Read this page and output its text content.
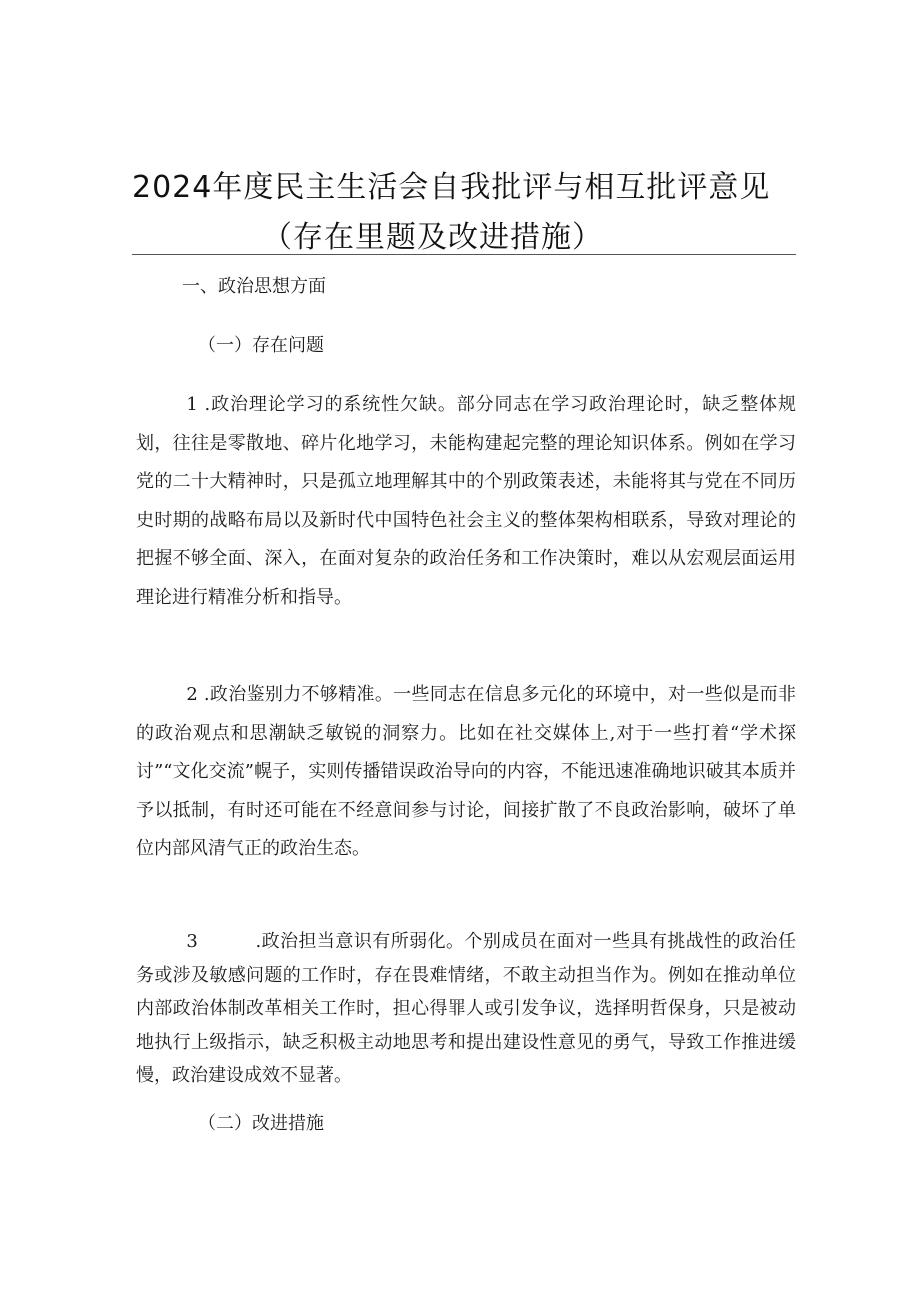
2024年度民主生活会自我批评与相互批评意见
（存在里题及改进措施）
一、政治思想方面
（一）存在问题
1 .政治理论学习的系统性欠缺。部分同志在学习政治理论时，缺乏整体规划，往往是零散地、碎片化地学习，未能构建起完整的理论知识体系。例如在学习党的二十大精神时，只是孤立地理解其中的个别政策表述，未能将其与党在不同历史时期的战略布局以及新时代中国特色社会主义的整体架构相联系，导致对理论的把握不够全面、深入，在面对复杂的政治任务和工作决策时，难以从宏观层面运用理论进行精准分析和指导。
2 .政治鉴别力不够精准。一些同志在信息多元化的环境中，对一些似是而非的政治观点和思潮缺乏敏锐的洞察力。比如在社交媒体上,对于一些打着“学术探讨”“文化交流”幌子，实则传播错误政治导向的内容，不能迅速准确地识破其本质并予以抵制，有时还可能在不经意间参与讨论，间接扩散了不良政治影响，破坏了单位内部风清气正的政治生态。
3	.政治担当意识有所弱化。个别成员在面对一些具有挑战性的政治任务或涉及敏感问题的工作时，存在畏难情绪，不敢主动担当作为。例如在推动单位内部政治体制改革相关工作时，担心得罪人或引发争议，选择明哲保身，只是被动地执行上级指示，缺乏积极主动地思考和提出建设性意见的勇气，导致工作推进缓慢，政治建设成效不显著。
（二）改进措施
